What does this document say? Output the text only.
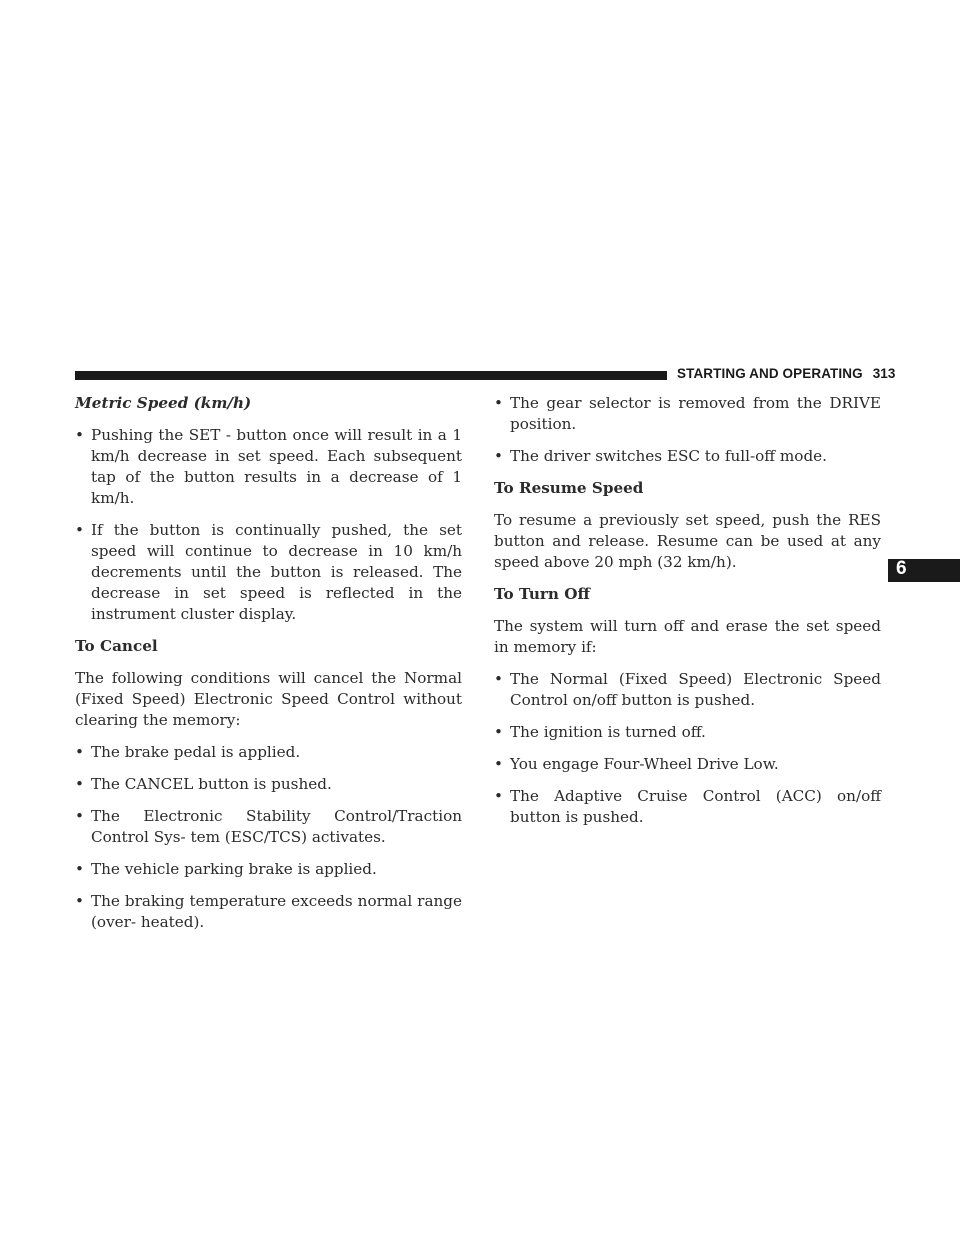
STARTING AND OPERATING 313
6
Metric Speed (km/h)
• Pushing the SET - button once will result in a 1 km/h decrease in set speed. Each subsequent tap of the button results in a decrease of 1 km/h.
• If the button is continually pushed, the set speed will continue to decrease in 10 km/h decrements until the button is released. The decrease in set speed is reflected in the instrument cluster display.
To Cancel

The following conditions will cancel the Normal (Fixed Speed) Electronic Speed Control without clearing the memory:

• The brake pedal is applied.
• The CANCEL button is pushed.
• The Electronic Stability Control/Traction Control Sys- tem (ESC/TCS) activates.
• The vehicle parking brake is applied.
• The braking temperature exceeds normal range (over- heated).
• The gear selector is removed from the DRIVE position.
• The driver switches ESC to full-off mode.
To Resume Speed

To resume a previously set speed, push the RES button and release. Resume can be used at any speed above 20 mph (32 km/h).

To Turn Off

The system will turn off and erase the set speed in memory if:

• The Normal (Fixed Speed) Electronic Speed Control on/off button is pushed.
• The ignition is turned off.
• You engage Four-Wheel Drive Low.
• The Adaptive Cruise Control (ACC) on/off button is pushed.
